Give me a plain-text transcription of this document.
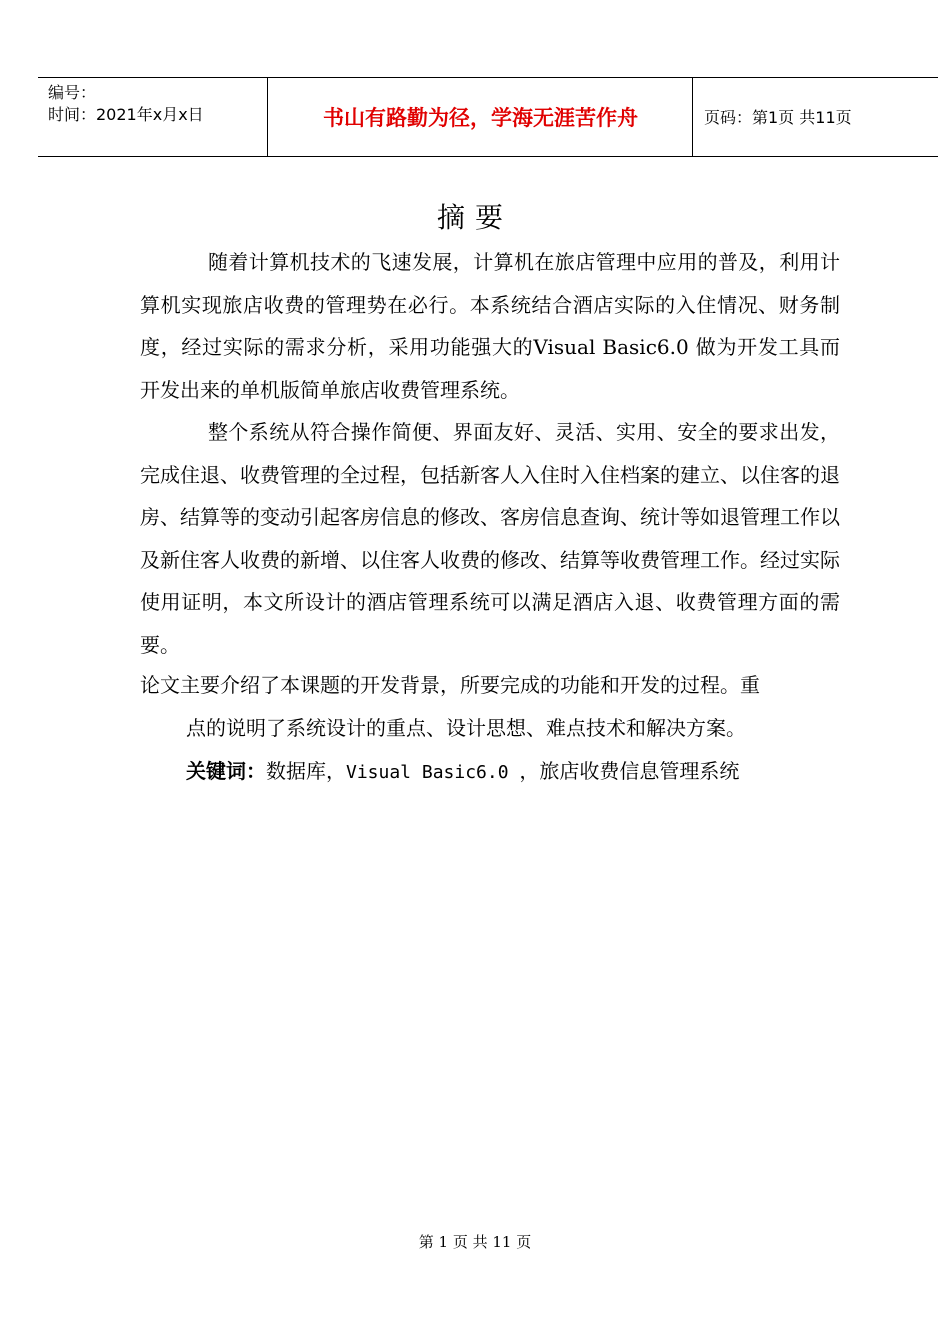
编号：
时间：2021年x月x日	书山有路勤为径，学海无涯苦作舟	页码：第1页 共11页
摘要

随着计算机技术的飞速发展，计算机在旅店管理中应用的普及，利用计算机实现旅店收费的管理势在必行。本系统结合酒店实际的入住情况、财务制度，经过实际的需求分析，采用功能强大的Visual Basic6.0 做为开发工具而开发出来的单机版简单旅店收费管理系统。

整个系统从符合操作简便、界面友好、灵活、实用、安全的要求出发，完成住退、收费管理的全过程，包括新客人入住时入住档案的建立、以住客的退房、结算等的变动引起客房信息的修改、客房信息查询、统计等如退管理工作以及新住客人收费的新增、以住客人收费的修改、结算等收费管理工作。经过实际使用证明，本文所设计的酒店管理系统可以满足酒店入退、收费管理方面的需要。

论文主要介绍了本课题的开发背景，所要完成的功能和开发的过程。重
点的说明了系统设计的重点、设计思想、难点技术和解决方案。

关键词：数据库，Visual Basic6.0 ，旅店收费信息管理系统
第 1 页 共 11 页
